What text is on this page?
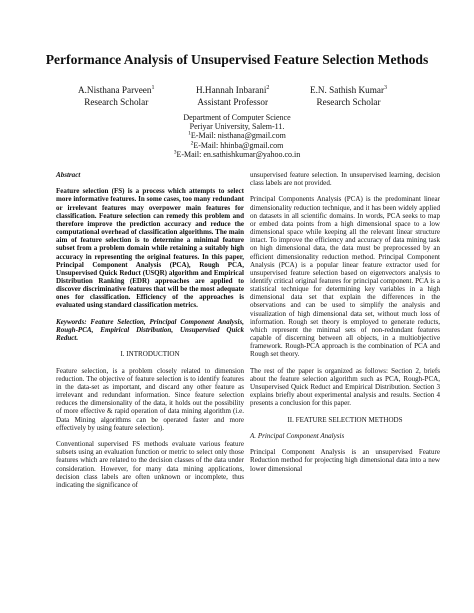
Performance Analysis of Unsupervised Feature Selection Methods
A.Nisthana Parveen$^1$
Research Scholar
H.Hannah Inbarani$^2$
Assistant Professor
E.N. Sathish Kumar$^3$
Research Scholar
Department of Computer Science
Periyar University, Salem-11.
$^1$E-Mail: nisthana@gmail.com
$^2$E-Mail: hhinba@gmail.com
$^3$E-Mail: en.sathishkumar@yahoo.co.in

Abstract

Feature selection (FS) is a process which attempts to select more informative features. In some cases, too many redundant or irrelevant features may overpower main features for classification. Feature selection can remedy this problem and therefore improve the prediction accuracy and reduce the computational overhead of classification algorithms. The main aim of feature selection is to determine a minimal feature subset from a problem domain while retaining a suitably high accuracy in representing the original features. In this paper, Principal Component Analysis (PCA), Rough PCA, Unsupervised Quick Reduct (USQR) algorithm and Empirical Distribution Ranking (EDR) approaches are applied to discover discriminative features that will be the most adequate ones for classification. Efficiency of the approaches is evaluated using standard classification metrics.

Keywords: Feature Selection, Principal Component Analysis, Rough-PCA, Empirical Distribution, Unsupervised Quick Reduct.

I. INTRODUCTION

Feature selection, is a problem closely related to dimension reduction. The objective of feature selection is to identify features in the data-set as important, and discard any other feature as irrelevant and redundant information. Since feature selection reduces the dimensionality of the data, it holds out the possibility of more effective & rapid operation of data mining algorithm (i.e. Data Mining algorithms can be operated faster and more effectively by using feature selection).

Conventional supervised FS methods evaluate various feature subsets using an evaluation function or metric to select only those features which are related to the decision classes of the data under consideration. However, for many data mining applications, decision class labels are often unknown or incomplete, thus indicating the significance of

unsupervised feature selection. In unsupervised learning, decision class labels are not provided.

Principal Components Analysis (PCA) is the predominant linear dimensionality reduction technique, and it has been widely applied on datasets in all scientific domains. In words, PCA seeks to map or embed data points from a high dimensional space to a low dimensional space while keeping all the relevant linear structure intact. To improve the efficiency and accuracy of data mining task on high dimensional data, the data must be preprocessed by an efficient dimensionality reduction method. Principal Component Analysis (PCA) is a popular linear feature extractor used for unsupervised feature selection based on eigenvectors analysis to identify critical original features for principal component. PCA is a statistical technique for determining key variables in a high dimensional data set that explain the differences in the observations and can be used to simplify the analysis and visualization of high dimensional data set, without much loss of information. Rough set theory is employed to generate reducts, which represent the minimal sets of non-redundant features capable of discerning between all objects, in a multiobjective framework. Rough-PCA approach is the combination of PCA and Rough set theory.

The rest of the paper is organized as follows: Section 2, briefs about the feature selection algorithm such as PCA, Rough-PCA, Unsupervised Quick Reduct and Empirical Distribution. Section 3 explains briefly about experimental analysis and results. Section 4 presents a conclusion for this paper.

II. FEATURE SELECTION METHODS

A. Principal Component Analysis

Principal Component Analysis is an unsupervised Feature Reduction method for projecting high dimensional data into a new lower dimensional
